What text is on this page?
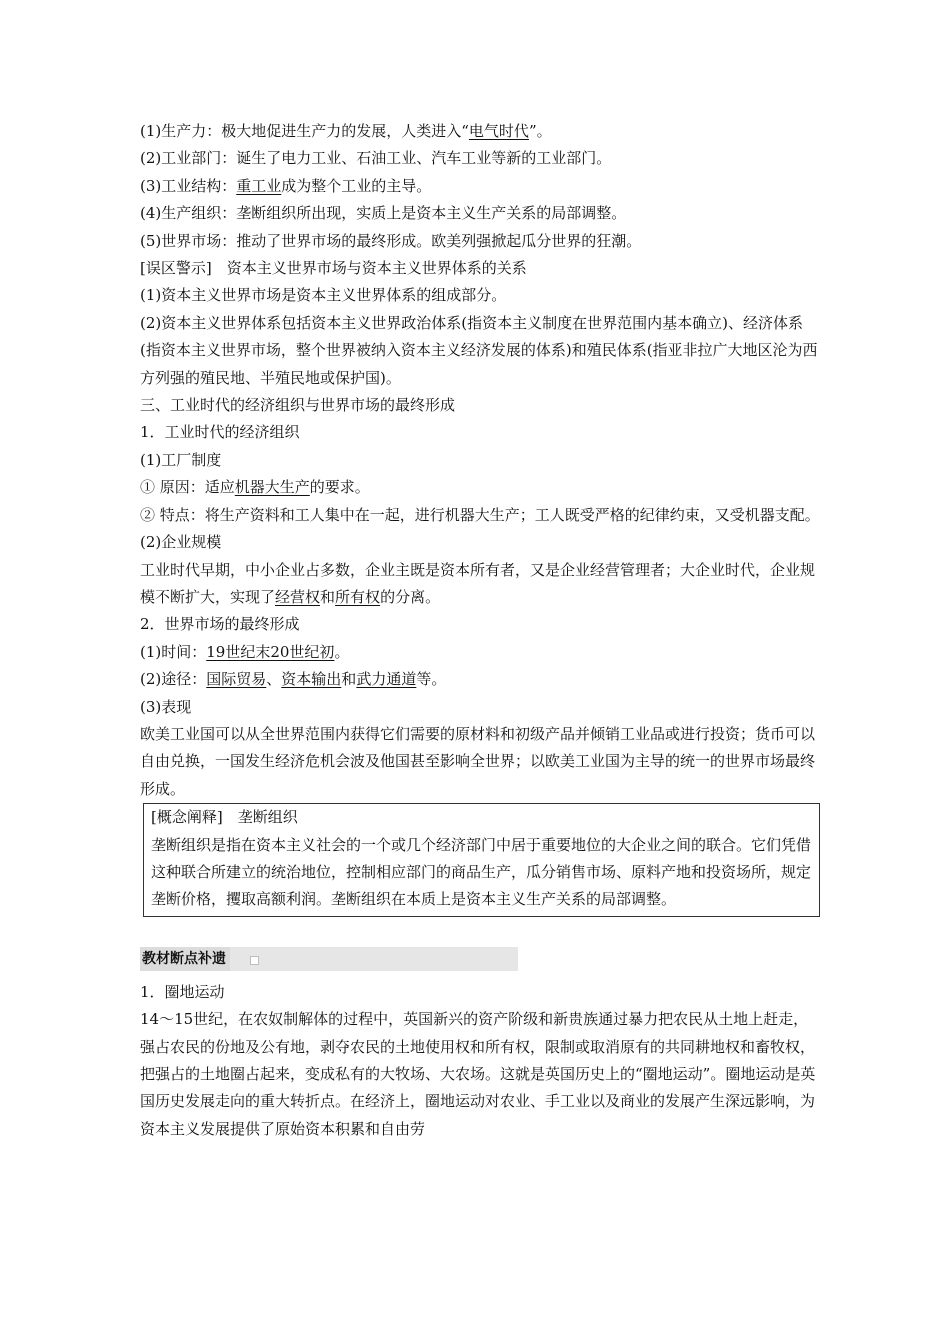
(1)生产力：极大地促进生产力的发展，人类进入“电气时代”。
(2)工业部门：诞生了电力工业、石油工业、汽车工业等新的工业部门。
(3)工业结构：重工业成为整个工业的主导。
(4)生产组织：垄断组织所出现，实质上是资本主义生产关系的局部调整。
(5)世界市场：推动了世界市场的最终形成。欧美列强掀起瓜分世界的狂潮。
[误区警示]　资本主义世界市场与资本主义世界体系的关系
(1)资本主义世界市场是资本主义世界体系的组成部分。
(2)资本主义世界体系包括资本主义世界政治体系(指资本主义制度在世界范围内基本确立)、经济体系(指资本主义世界市场，整个世界被纳入资本主义经济发展的体系)和殖民体系(指亚非拉广大地区沦为西方列强的殖民地、半殖民地或保护国)。
三、工业时代的经济组织与世界市场的最终形成
1．工业时代的经济组织
(1)工厂制度
① 原因：适应机器大生产的要求。
② 特点：将生产资料和工人集中在一起，进行机器大生产；工人既受严格的纪律约束，又受机器支配。
(2)企业规模
工业时代早期，中小企业占多数，企业主既是资本所有者，又是企业经营管理者；大企业时代，企业规模不断扩大，实现了经营权和所有权的分离。
2．世界市场的最终形成
(1)时间：19世纪末20世纪初。
(2)途径：国际贸易、资本输出和武力通道等。
(3)表现
欧美工业国可以从全世界范围内获得它们需要的原材料和初级产品并倾销工业品或进行投资；货币可以自由兑换，一国发生经济危机会波及他国甚至影响全世界；以欧美工业国为主导的统一的世界市场最终形成。
[概念阐释]　垄断组织
垄断组织是指在资本主义社会的一个或几个经济部门中居于重要地位的大企业之间的联合。它们凭借这种联合所建立的统治地位，控制相应部门的商品生产，瓜分销售市场、原料产地和投资场所，规定垄断价格，攫取高额利润。垄断组织在本质上是资本主义生产关系的局部调整。
教材断点补遗
1．圈地运动
14～15世纪，在农奴制解体的过程中，英国新兴的资产阶级和新贵族通过暴力把农民从土地上赶走，强占农民的份地及公有地，剥夺农民的土地使用权和所有权，限制或取消原有的共同耕地权和畜牧权，把强占的土地圈占起来，变成私有的大牧场、大农场。这就是英国历史上的“圈地运动”。圈地运动是英国历史发展走向的重大转折点。在经济上，圈地运动对农业、手工业以及商业的发展产生深远影响，为资本主义发展提供了原始资本积累和自由劳
